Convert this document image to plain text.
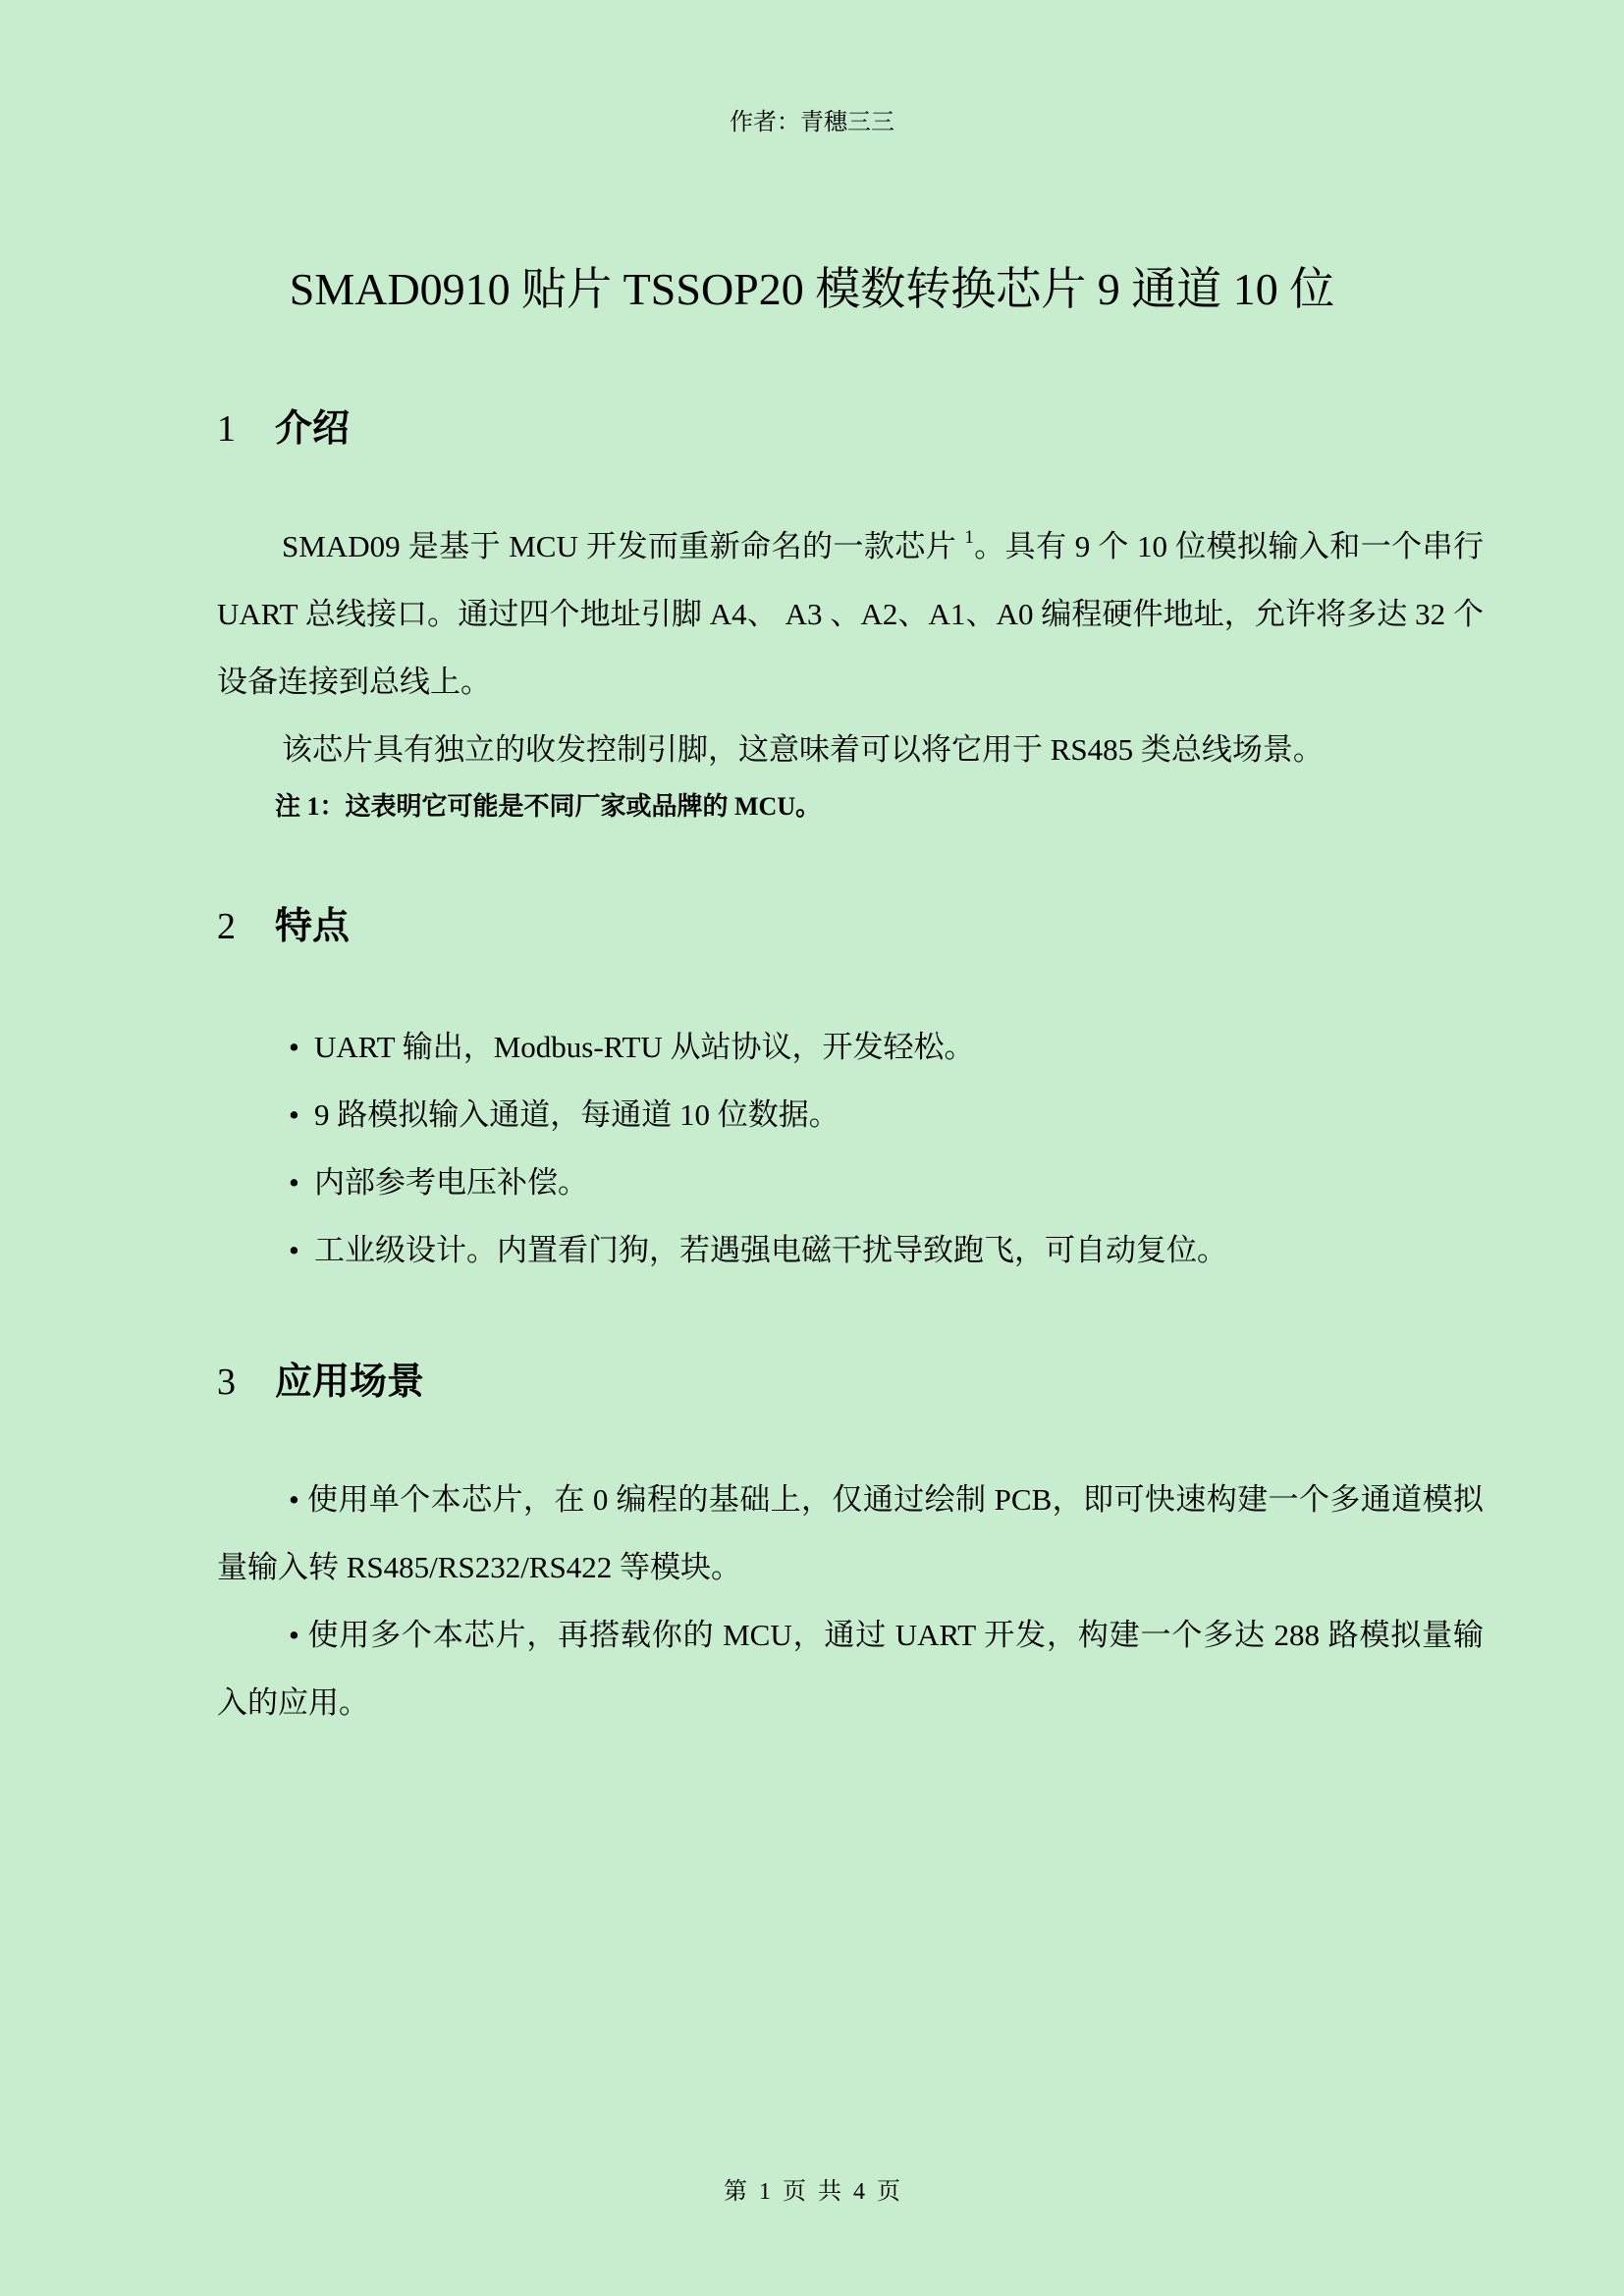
作者：青穗三三
SMAD0910 贴片 TSSOP20 模数转换芯片 9 通道 10 位
1 介绍

SMAD09 是基于 MCU 开发而重新命名的一款芯片 $^1$。具有 9 个 10 位模拟输入和一个串行 UART 总线接口。通过四个地址引脚 A4、 A3 、A2、A1、A0 编程硬件地址，允许将多达 32 个设备连接到总线上。

该芯片具有独立的收发控制引脚，这意味着可以将它用于 RS485 类总线场景。

注 1：这表明它可能是不同厂家或品牌的 MCU。

2 特点
• UART 输出，Modbus-RTU 从站协议，开发轻松。
• 9 路模拟输入通道，每通道 10 位数据。
• 内部参考电压补偿。
• 工业级设计。内置看门狗，若遇强电磁干扰导致跑飞，可自动复位。
3 应用场景

• 使用单个本芯片，在 0 编程的基础上，仅通过绘制 PCB，即可快速构建一个多通道模拟量输入转 RS485/RS232/RS422 等模块。

• 使用多个本芯片，再搭载你的 MCU，通过 UART 开发，构建一个多达 288 路模拟量输入的应用。

第 1 页 共 4 页
